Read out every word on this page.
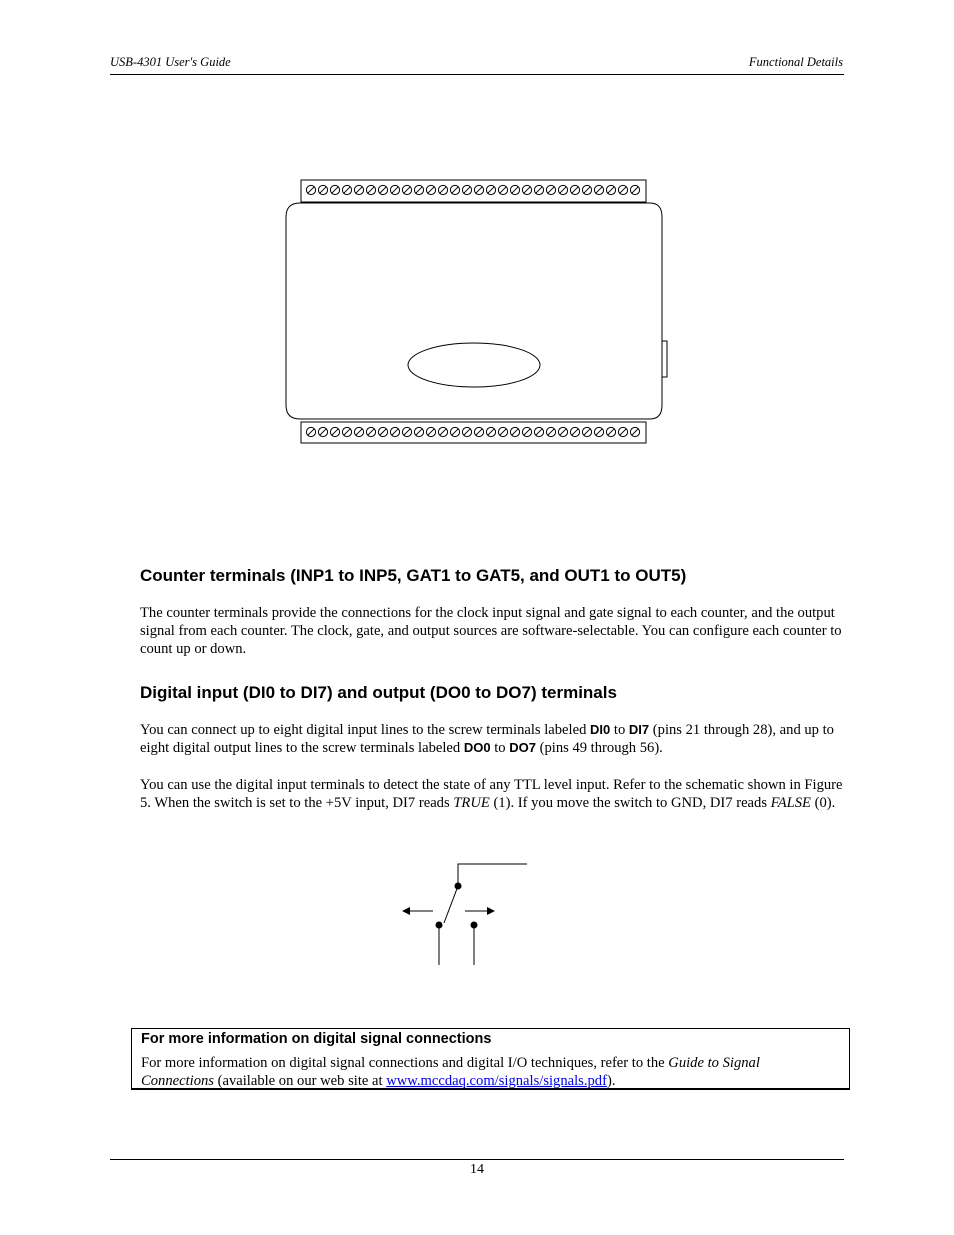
USB-4301 User's Guide	Functional Details
Counter terminals (INP1 to INP5, GAT1 to GAT5, and OUT1 to OUT5)

The counter terminals provide the connections for the clock input signal and gate signal to each counter, and the output signal from each counter. The clock, gate, and output sources are software-selectable. You can configure each counter to count up or down.

Digital input (DI0 to DI7) and output (DO0 to DO7) terminals

You can connect up to eight digital input lines to the screw terminals labeled DI0 to DI7 (pins 21 through 28), and up to eight digital output lines to the screw terminals labeled DO0 to DO7 (pins 49 through 56).

You can use the digital input terminals to detect the state of any TTL level input. Refer to the schematic shown in Figure 5. When the switch is set to the +5V input, DI7 reads TRUE (1). If you move the switch to GND, DI7 reads FALSE (0).

For more information on digital signal connections

For more information on digital signal connections and digital I/O techniques, refer to the Guide to Signal Connections (available on our web site at www.mccdaq.com/signals/signals.pdf).

14
